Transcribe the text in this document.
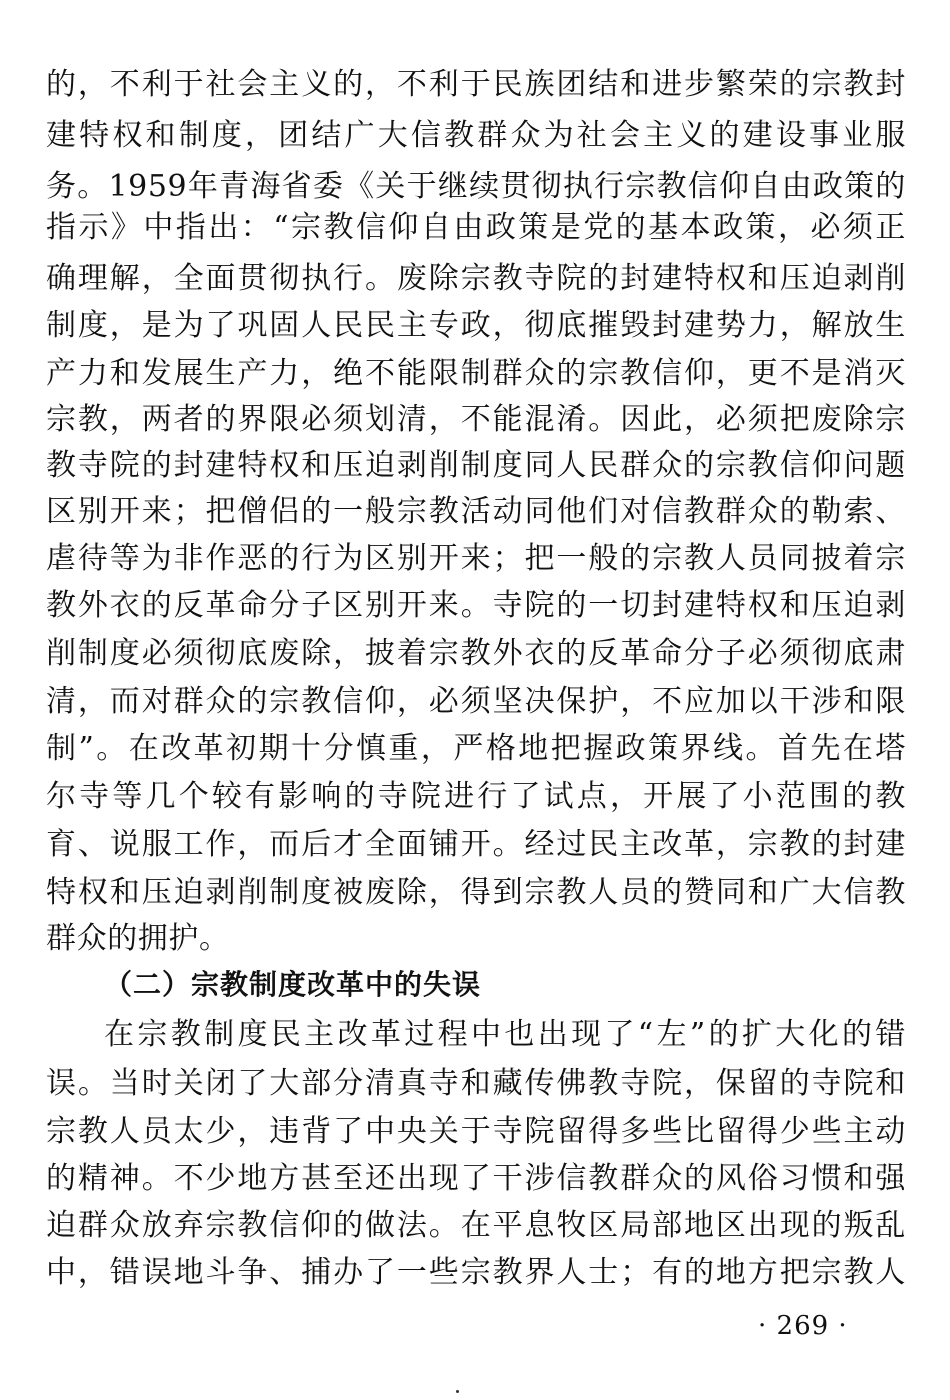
的，不利于社会主义的，不利于民族团结和进步繁荣的宗教封
建特权和制度，团结广大信教群众为社会主义的建设事业服
务。1959年青海省委《关于继续贯彻执行宗教信仰自由政策的
指示》中指出：“宗教信仰自由政策是党的基本政策，必须正
确理解，全面贯彻执行。废除宗教寺院的封建特权和压迫剥削
制度，是为了巩固人民民主专政，彻底摧毁封建势力，解放生
产力和发展生产力，绝不能限制群众的宗教信仰，更不是消灭
宗教，两者的界限必须划清，不能混淆。因此，必须把废除宗
教寺院的封建特权和压迫剥削制度同人民群众的宗教信仰问题
区别开来；把僧侣的一般宗教活动同他们对信教群众的勒索、
虐待等为非作恶的行为区别开来；把一般的宗教人员同披着宗
教外衣的反革命分子区别开来。寺院的一切封建特权和压迫剥
削制度必须彻底废除，披着宗教外衣的反革命分子必须彻底肃
清，而对群众的宗教信仰，必须坚决保护，不应加以干涉和限
制”。在改革初期十分慎重，严格地把握政策界线。首先在塔
尔寺等几个较有影响的寺院进行了试点，开展了小范围的教
育、说服工作，而后才全面铺开。经过民主改革，宗教的封建
特权和压迫剥削制度被废除，得到宗教人员的赞同和广大信教
群众的拥护。
（二）宗教制度改革中的失误
在宗教制度民主改革过程中也出现了“左”的扩大化的错
误。当时关闭了大部分清真寺和藏传佛教寺院，保留的寺院和
宗教人员太少，违背了中央关于寺院留得多些比留得少些主动
的精神。不少地方甚至还出现了干涉信教群众的风俗习惯和强
迫群众放弃宗教信仰的做法。在平息牧区局部地区出现的叛乱
中，错误地斗争、捕办了一些宗教界人士；有的地方把宗教人
· 269 ·
